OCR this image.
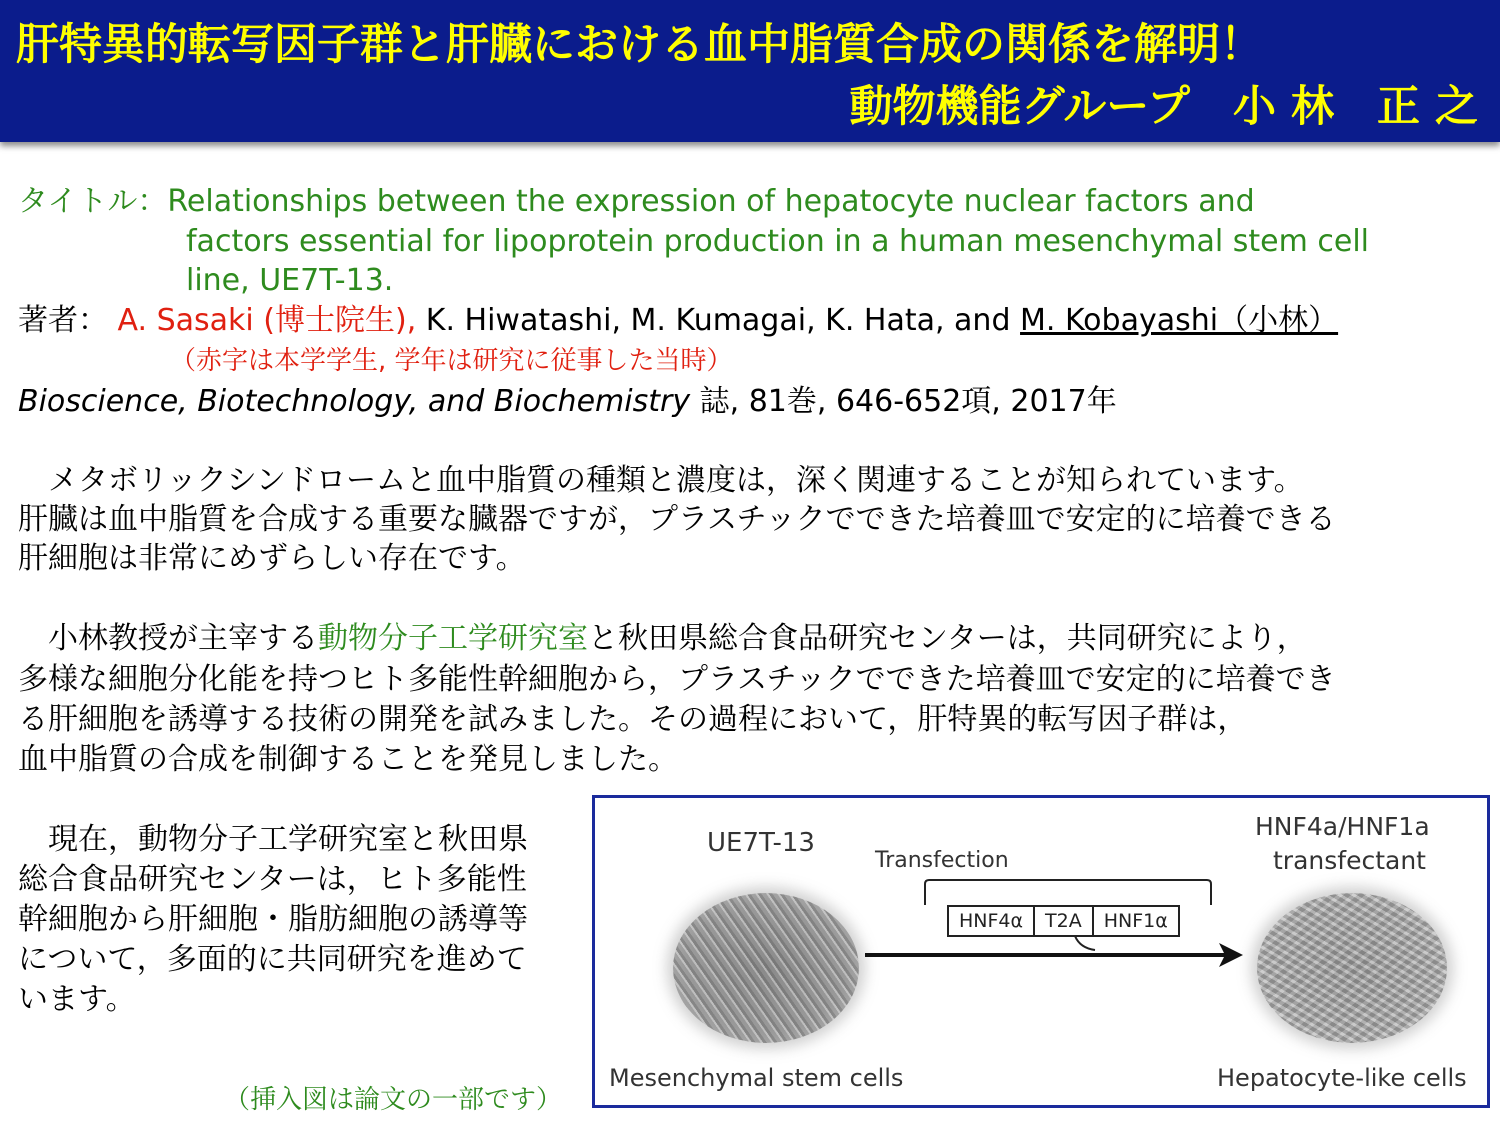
肝特異的転写因子群と肝臓における血中脂質合成の関係を解明！
動物機能グループ　小 林　正 之
タイトル：Relationships between the expression of hepatocyte nuclear factors and
factors essential for lipoprotein production in a human mesenchymal stem cell
line, UE7T-13.
著者： A. Sasaki (博士院生), K. Hiwatashi, M. Kumagai, K. Hata, and M. Kobayashi（小林）
（赤字は本学学生, 学年は研究に従事した当時）
Bioscience, Biotechnology, and Biochemistry 誌, 81巻, 646-652項, 2017年
　メタボリックシンドロームと血中脂質の種類と濃度は，深く関連することが知られています。
肝臓は血中脂質を合成する重要な臓器ですが，プラスチックでできた培養皿で安定的に培養できる
肝細胞は非常にめずらしい存在です。
　小林教授が主宰する動物分子工学研究室と秋田県総合食品研究センターは，共同研究により，
多様な細胞分化能を持つヒト多能性幹細胞から，プラスチックでできた培養皿で安定的に培養でき
る肝細胞を誘導する技術の開発を試みました。その過程において，肝特異的転写因子群は，
血中脂質の合成を制御することを発見しました。
　現在，動物分子工学研究室と秋田県
総合食品研究センターは，ヒト多能性
幹細胞から肝細胞・脂肪細胞の誘導等
について，多面的に共同研究を進めて
います。
（挿入図は論文の一部です）
UE7T-13
HNF4a/HNF1a
transfectant
Transfection
HNF4α	T2A	HNF1α
Mesenchymal stem cells	Hepatocyte-like cells
